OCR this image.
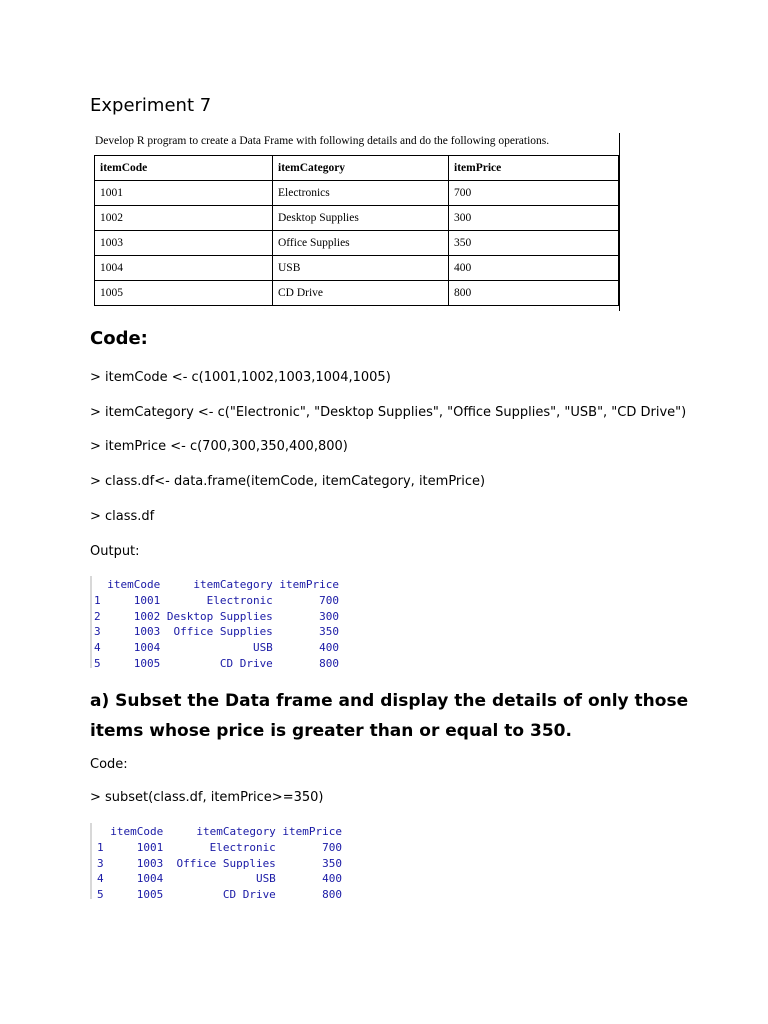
Experiment 7
Develop R program to create a Data Frame with following details and do the following operations.
itemCode	itemCategory	itemPrice
1001	Electronics	700
1002	Desktop Supplies	300
1003	Office Supplies	350
1004	USB	400
1005	CD Drive	800
Code:
> itemCode <- c(1001,1002,1003,1004,1005)
> itemCategory <- c("Electronic", "Desktop Supplies", "Office Supplies", "USB", "CD Drive")
> itemPrice <- c(700,300,350,400,800)
> class.df<- data.frame(itemCode, itemCategory, itemPrice)
> class.df
Output:
itemCode     itemCategory itemPrice
1     1001       Electronic       700
2     1002 Desktop Supplies       300
3     1003  Office Supplies       350
4     1004              USB       400
5     1005         CD Drive       800
a) Subset the Data frame and display the details of only those items whose price is greater than or equal to 350.
Code:
> subset(class.df, itemPrice>=350)
itemCode     itemCategory itemPrice
1     1001       Electronic       700
3     1003  Office Supplies       350
4     1004              USB       400
5     1005         CD Drive       800
